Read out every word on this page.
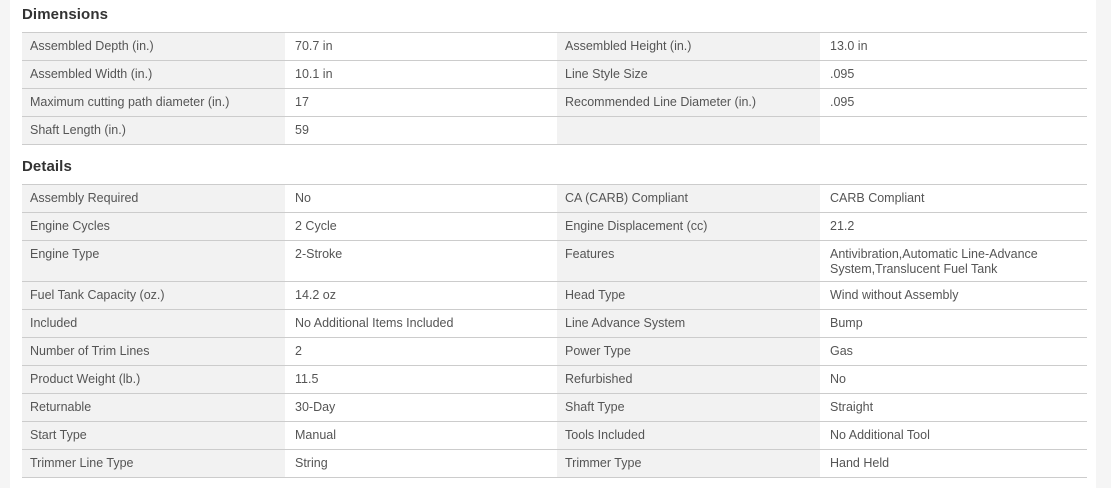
Dimensions
Assembled Depth (in.)	70.7 in	Assembled Height (in.)	13.0 in
Assembled Width (in.)	10.1 in	Line Style Size	.095
Maximum cutting path diameter (in.)	17	Recommended Line Diameter (in.)	.095
Shaft Length (in.)	59
Details
Assembly Required	No	CA (CARB) Compliant	CARB Compliant
Engine Cycles	2 Cycle	Engine Displacement (cc)	21.2
Engine Type	2-Stroke	Features	Antivibration,Automatic Line-Advance System,Translucent Fuel Tank
Fuel Tank Capacity (oz.)	14.2 oz	Head Type	Wind without Assembly
Included	No Additional Items Included	Line Advance System	Bump
Number of Trim Lines	2	Power Type	Gas
Product Weight (lb.)	11.5	Refurbished	No
Returnable	30-Day	Shaft Type	Straight
Start Type	Manual	Tools Included	No Additional Tool
Trimmer Line Type	String	Trimmer Type	Hand Held
